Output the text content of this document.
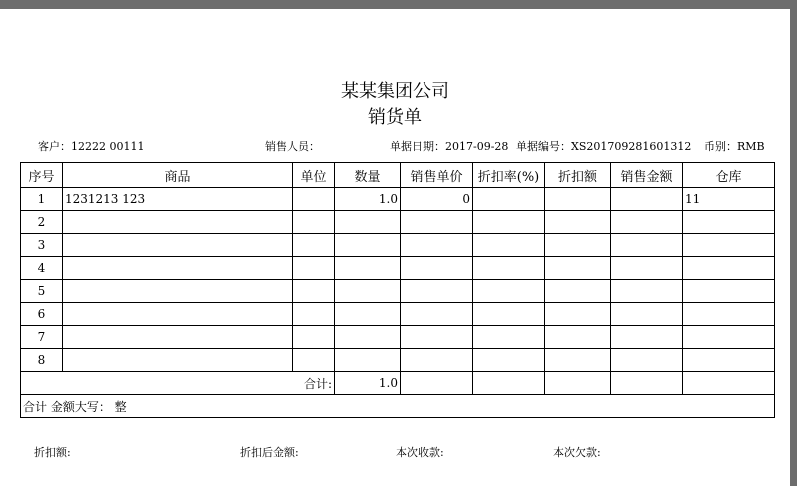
某某集团公司
销货单
客户：12222 00111	销售人员：	单据日期：2017-09-28 单据编号：XS201709281601312 币别：RMB
序号	商品	单位	数量	销售单价	折扣率(%)	折扣额	销售金额	仓库
1	1231213 123		1.0	0				11
2								
3								
4								
5								
6								
7								
8								
合计:			1.0					
合计 金额大写： 整								
折扣额:	折扣后金额:	本次收款:	本次欠款:
